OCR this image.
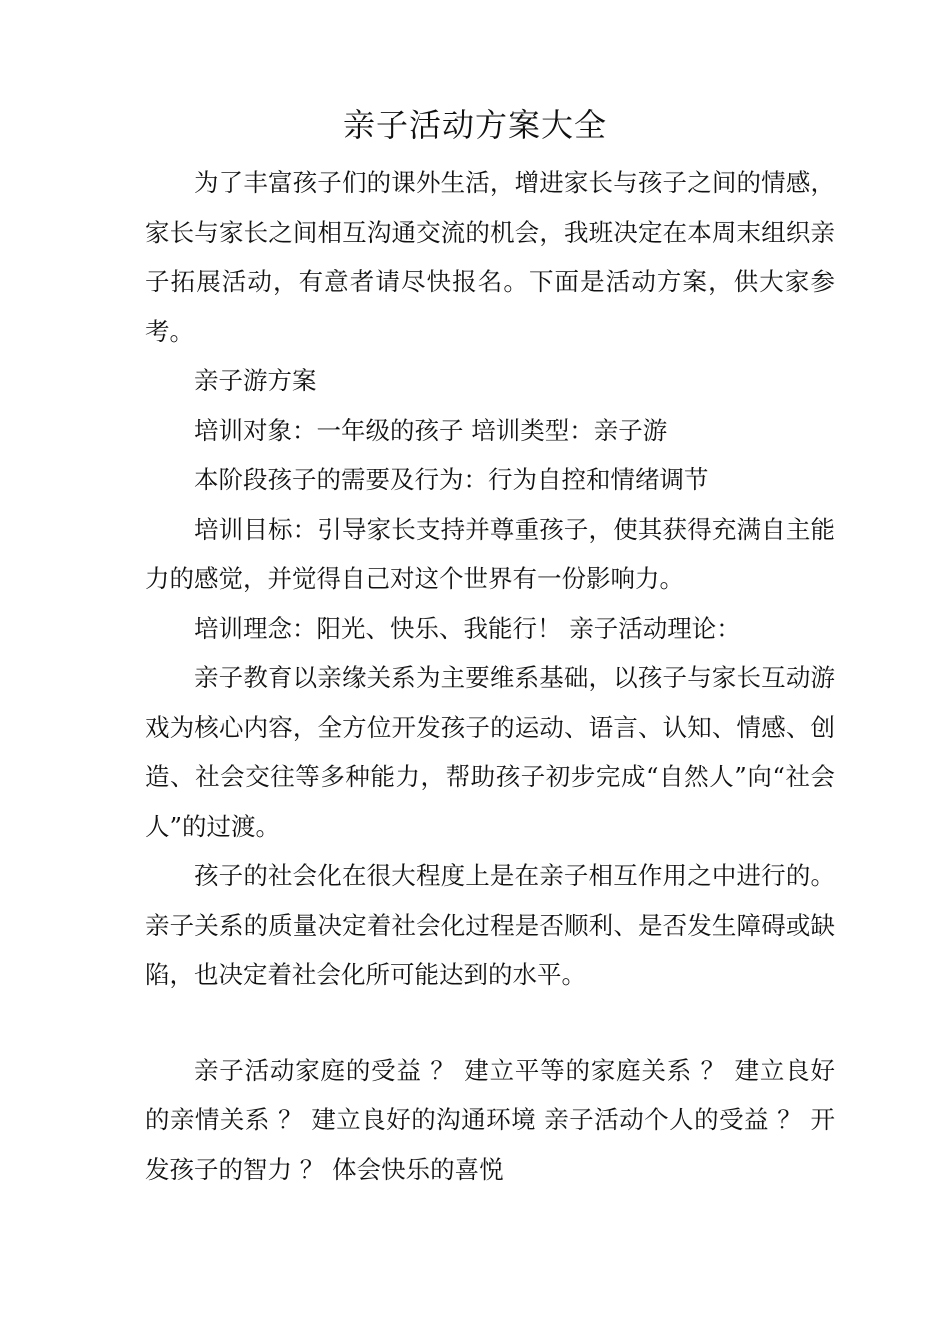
亲子活动方案大全

为了丰富孩子们的课外生活，增进家长与孩子之间的情感，家长与家长之间相互沟通交流的机会，我班决定在本周末组织亲子拓展活动，有意者请尽快报名。下面是活动方案，供大家参考。

亲子游方案

培训对象：一年级的孩子 培训类型：亲子游

本阶段孩子的需要及行为：行为自控和情绪调节

培训目标：引导家长支持并尊重孩子，使其获得充满自主能力的感觉，并觉得自己对这个世界有一份影响力。

培训理念：阳光、快乐、我能行！ 亲子活动理论：

亲子教育以亲缘关系为主要维系基础，以孩子与家长互动游戏为核心内容，全方位开发孩子的运动、语言、认知、情感、创造、社会交往等多种能力，帮助孩子初步完成“自然人”向“社会人”的过渡。

孩子的社会化在很大程度上是在亲子相互作用之中进行的。亲子关系的质量决定着社会化过程是否顺利、是否发生障碍或缺陷，也决定着社会化所可能达到的水平。

亲子活动家庭的受益 ？ 建立平等的家庭关系 ？ 建立良好的亲情关系 ？ 建立良好的沟通环境 亲子活动个人的受益 ？ 开发孩子的智力 ？ 体会快乐的喜悦
